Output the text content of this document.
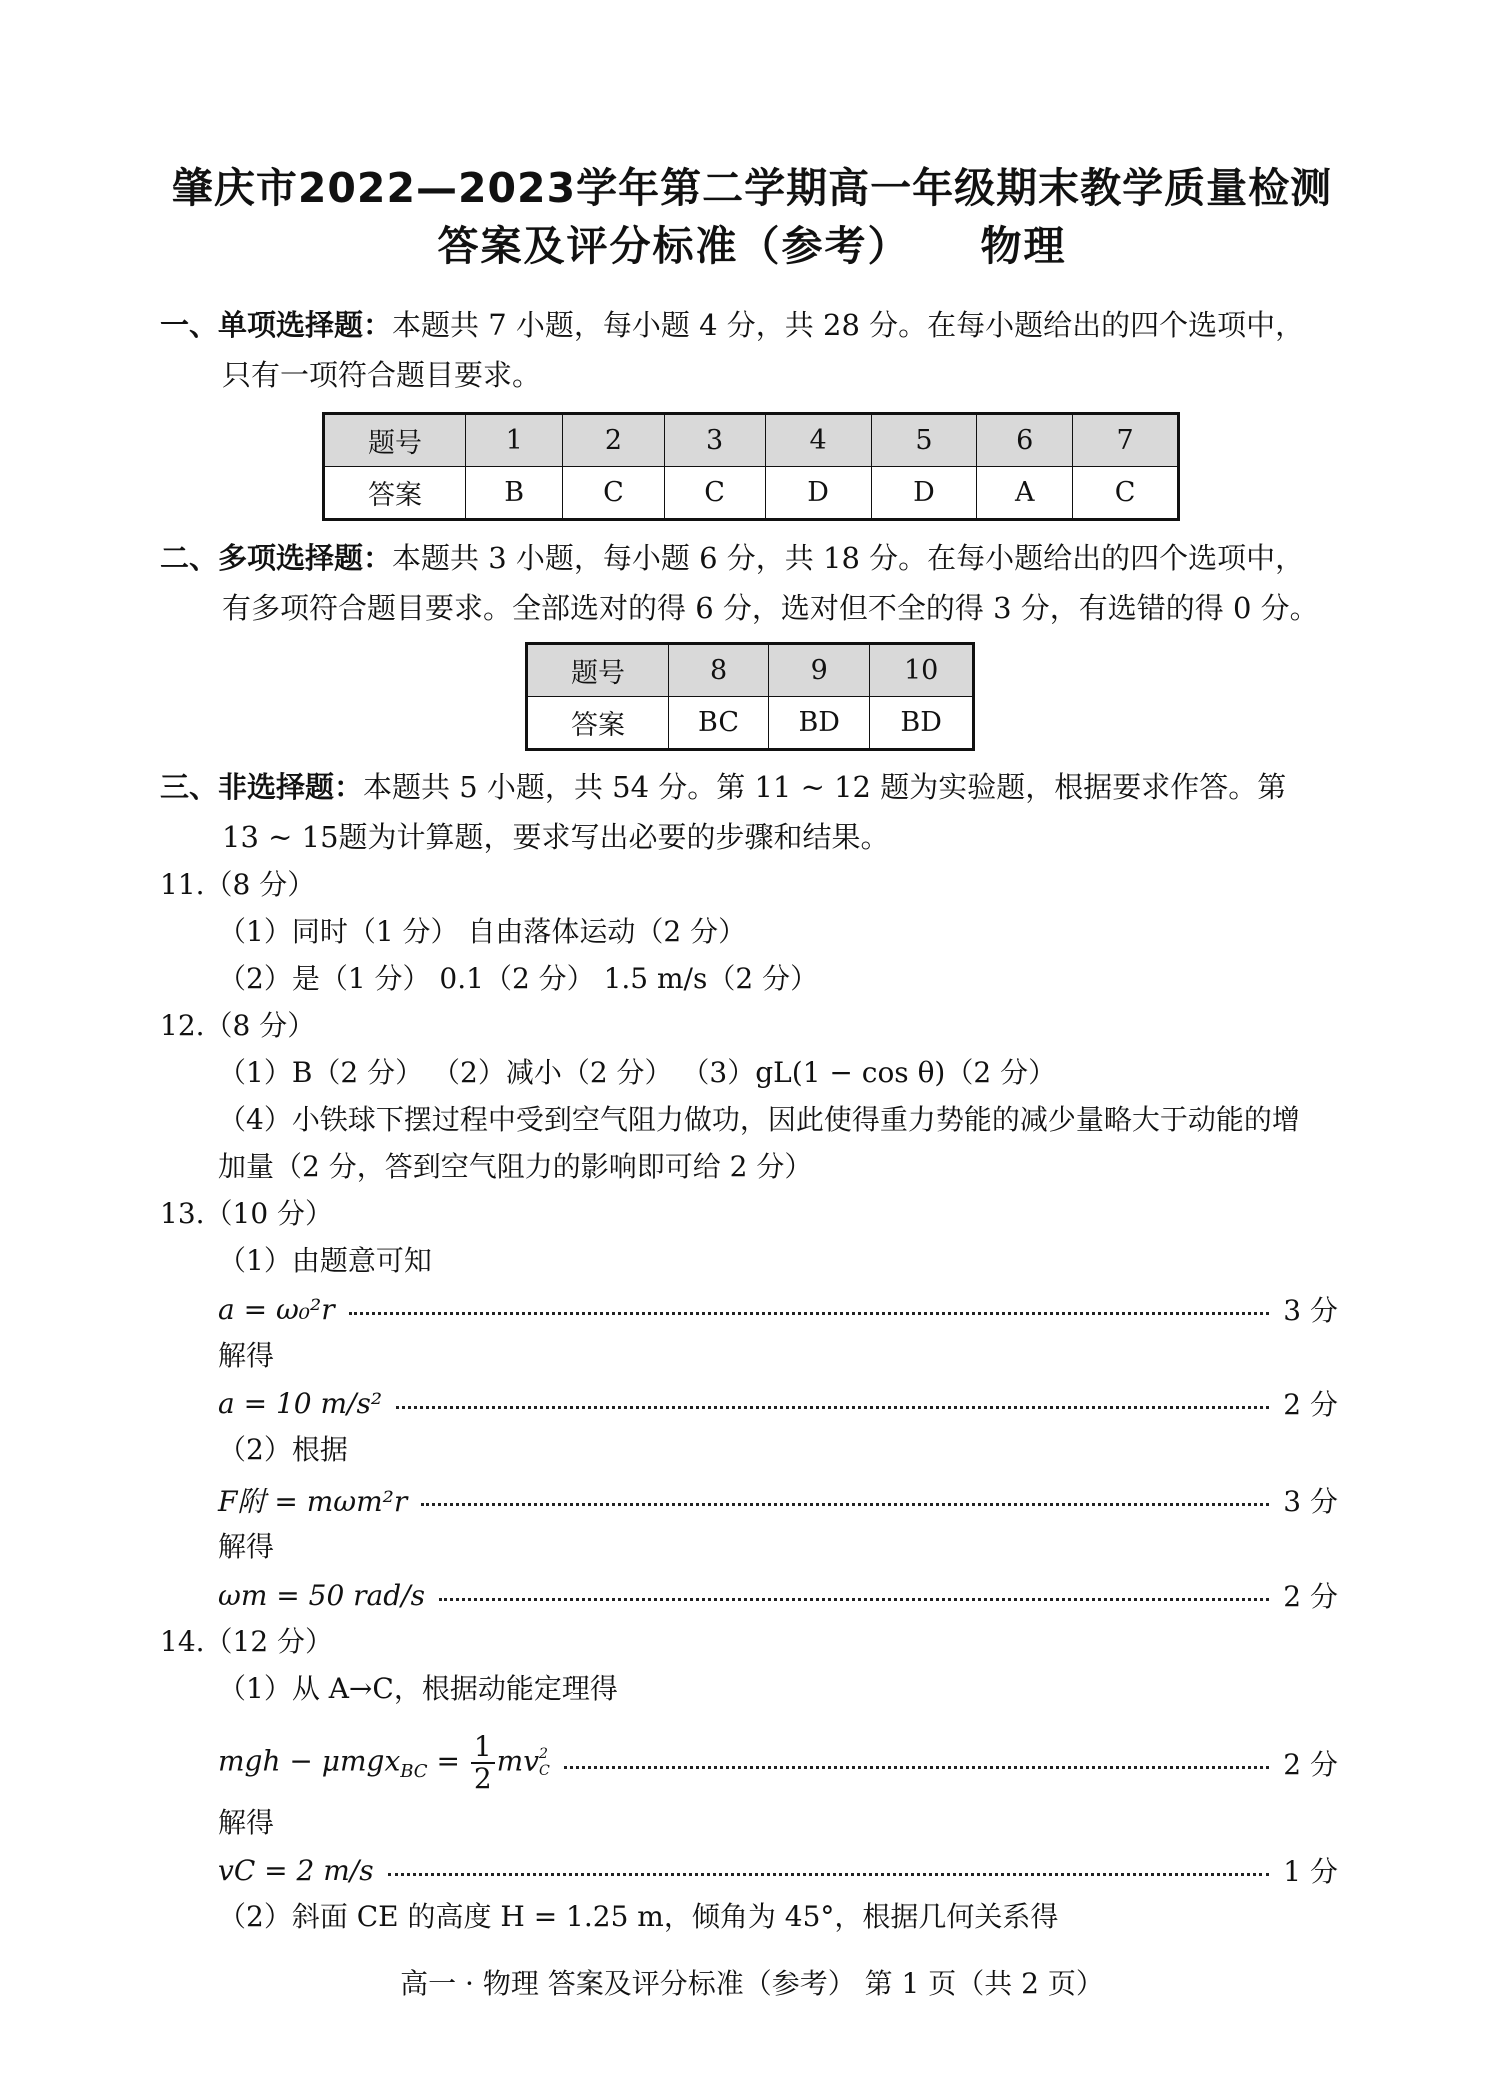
肇庆市2022—2023学年第二学期高一年级期末教学质量检测
答案及评分标准（参考） 物理
一、单项选择题：本题共 7 小题，每小题 4 分，共 28 分。在每小题给出的四个选项中，
只有一项符合题目要求。
题号	1	2	3	4	5	6	7
答案	B	C	C	D	D	A	C
二、多项选择题：本题共 3 小题，每小题 6 分，共 18 分。在每小题给出的四个选项中，
有多项符合题目要求。全部选对的得 6 分，选对但不全的得 3 分，有选错的得 0 分。
题号	8	9	10
答案	BC	BD	BD
三、非选择题：本题共 5 小题，共 54 分。第 11 ~ 12 题为实验题，根据要求作答。第
13 ~ 15题为计算题，要求写出必要的步骤和结果。
11.（8 分）
（1）同时（1 分） 自由落体运动（2 分）
（2）是（1 分） 0.1（2 分） 1.5 m/s（2 分）
12.（8 分）
（1）B（2 分） （2）减小（2 分） （3）gL(1 − cos θ)（2 分）
（4）小铁球下摆过程中受到空气阻力做功，因此使得重力势能的减少量略大于动能的增
加量（2 分，答到空气阻力的影响即可给 2 分）
13.（10 分）
（1）由题意可知
a = ω₀²r	3 分
解得
a = 10 m/s²	2 分
（2）根据
F附 = mωm²r	3 分
解得
ωm = 50 rad/s	2 分
14.（12 分）
（1）从 A→C，根据动能定理得
mgh − $\mu mgx_{BC} = \frac{1}{2}$ mv 2
C	2 分
解得
vC = 2 m/s	1 分
（2）斜面 CE 的高度 H = 1.25 m，倾角为 45°，根据几何关系得
高一 · 物理 答案及评分标准（参考） 第 1 页（共 2 页）
